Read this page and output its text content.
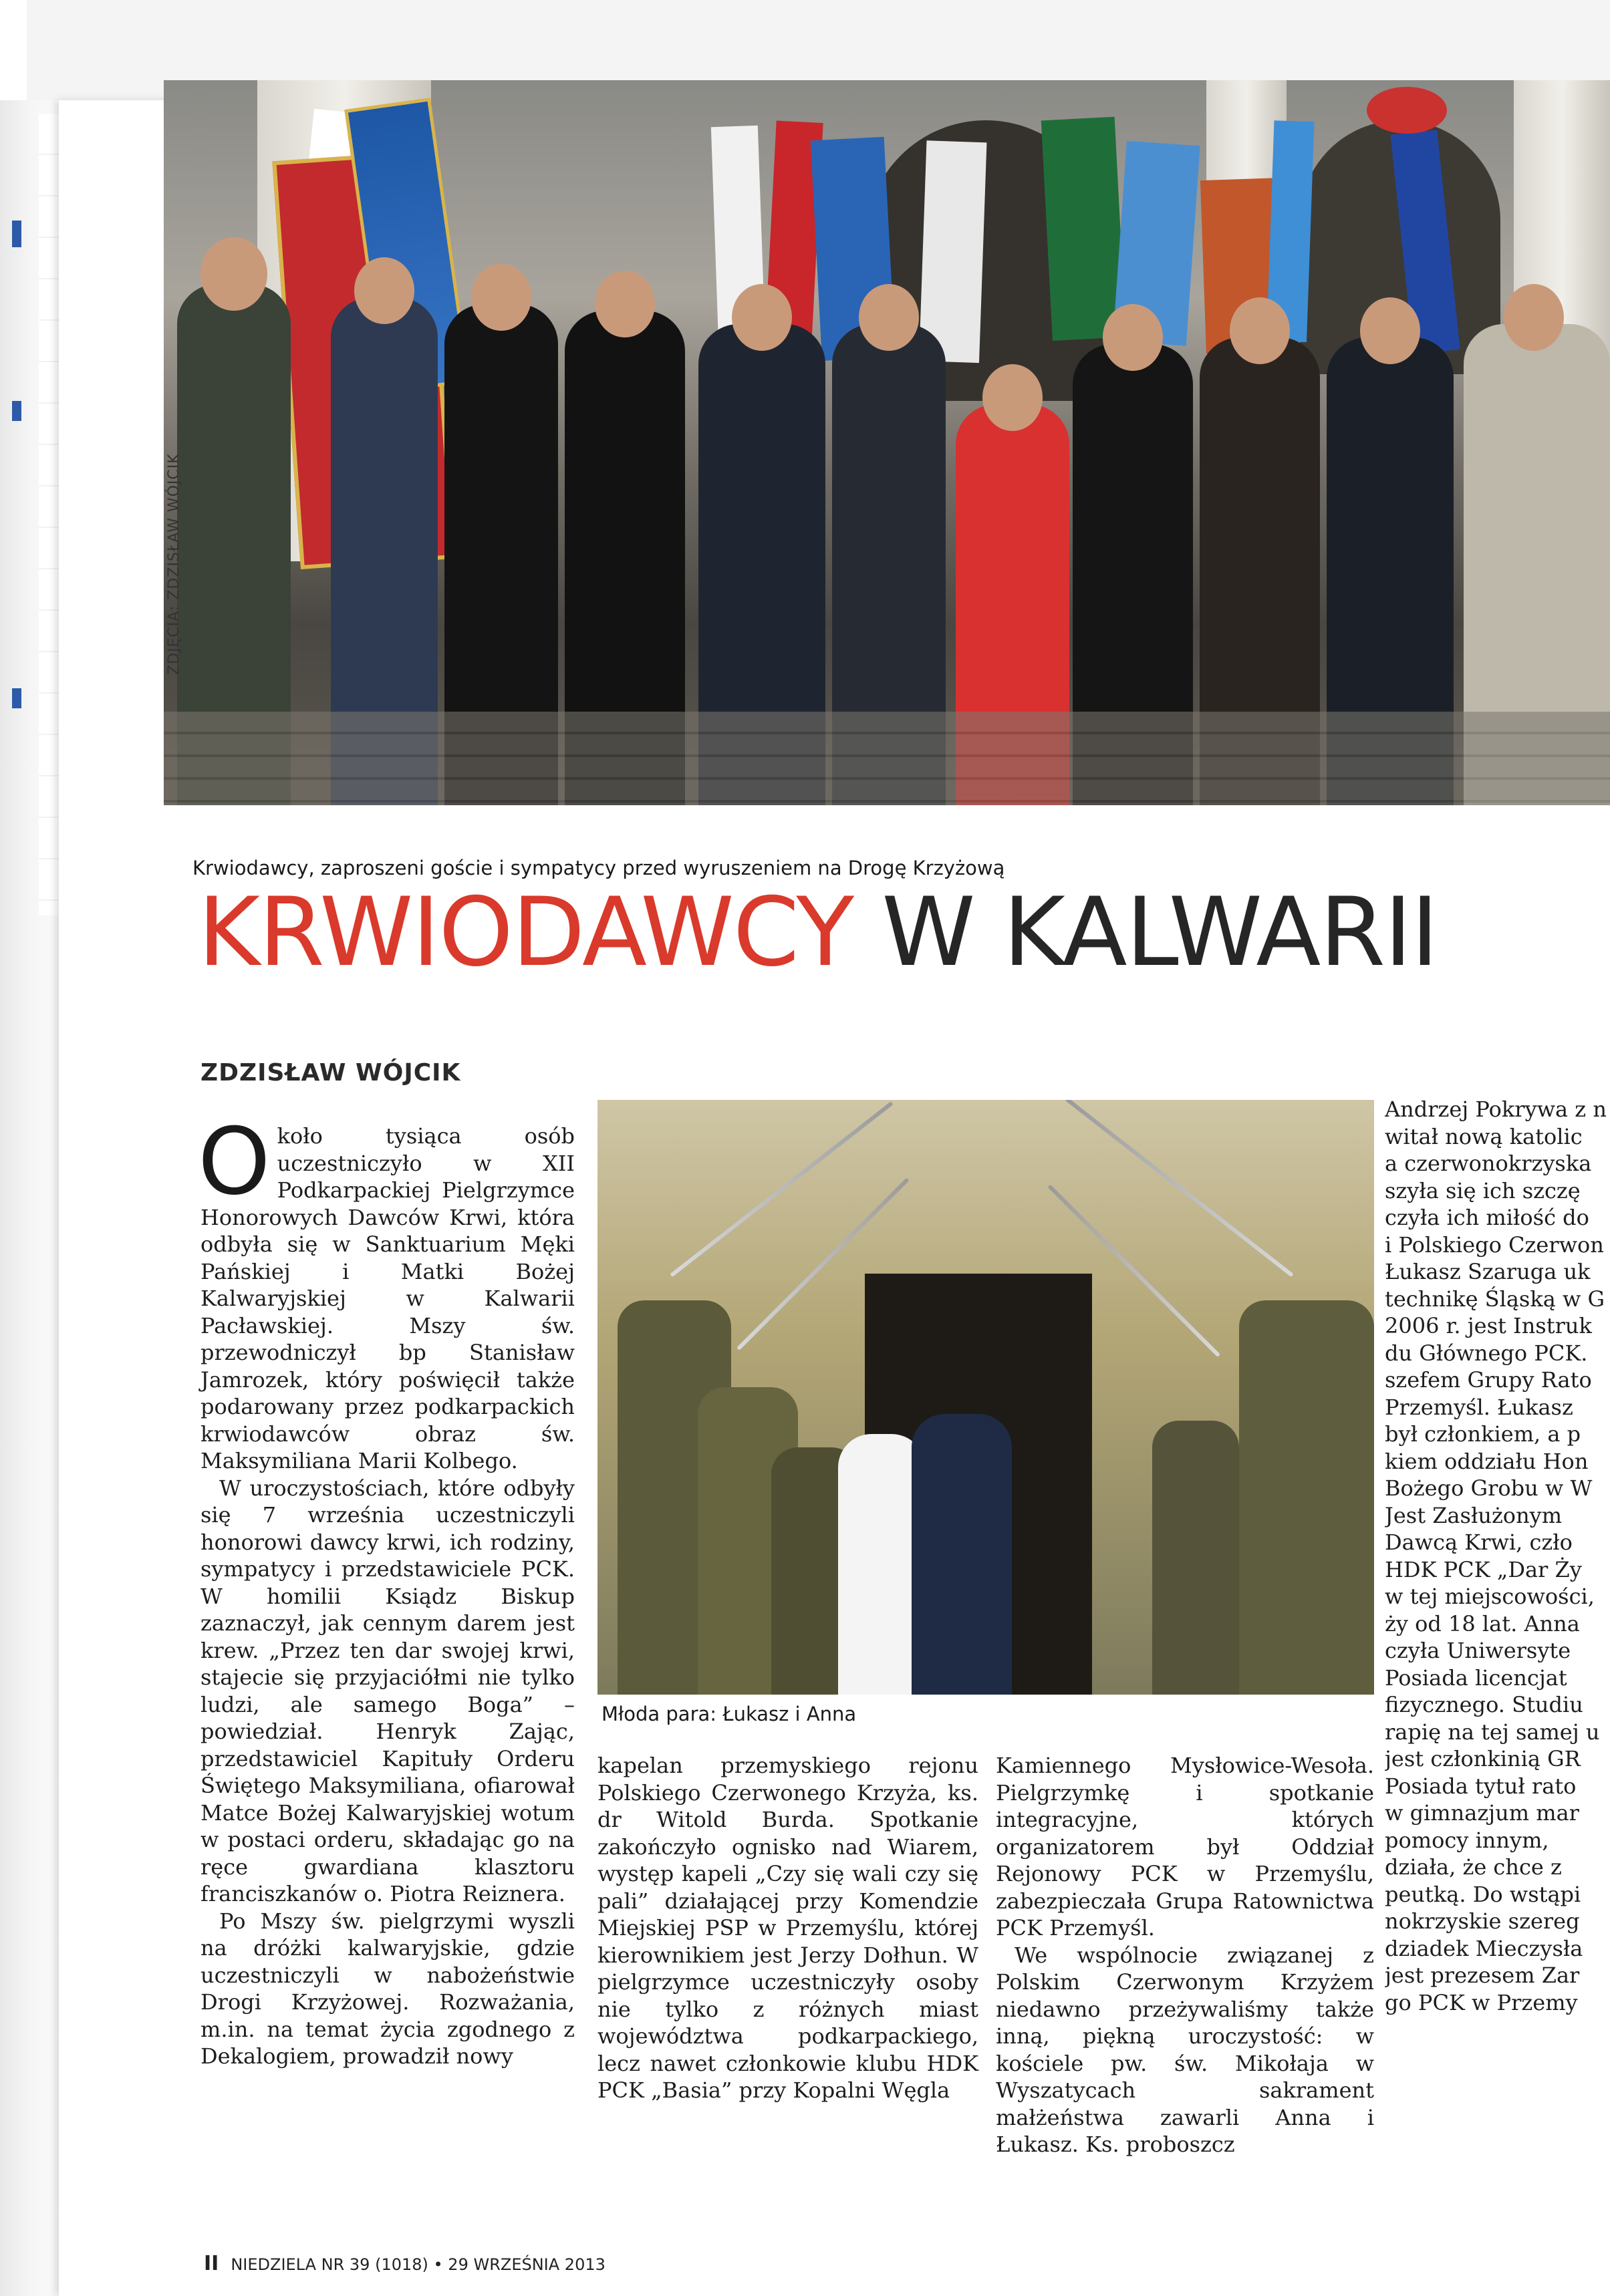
ZDJĘCIA: ZDZISŁAW WÓJCIK
Krwiodawcy, zaproszeni goście i sympatycy przed wyruszeniem na Drogę Krzyżową
KRWIODAWCY W KALWARII
ZDZISŁAW WÓJCIK

Około tysiąca osób uczestniczyło w XII Podkarpackiej Pielgrzymce Honorowych Dawców Krwi, która odbyła się w Sanktuarium Męki Pańskiej i Matki Bożej Kalwaryjskiej w Kalwarii Pacławskiej. Mszy św. przewodniczył bp Stanisław Jamrozek, który poświęcił także podarowany przez podkarpackich krwiodawców obraz św. Maksymiliana Marii Kolbego.

W uroczystościach, które odbyły się 7 września uczestniczyli honorowi dawcy krwi, ich rodziny, sympatycy i przedstawiciele PCK. W homilii Ksiądz Biskup zaznaczył, jak cennym darem jest krew. „Przez ten dar swojej krwi, stajecie się przyjaciółmi nie tylko ludzi, ale samego Boga” – powiedział. Henryk Zając, przedstawiciel Kapituły Orderu Świętego Maksymiliana, ofiarował Matce Bożej Kalwaryjskiej wotum w postaci orderu, składając go na ręce gwardiana klasztoru franciszkanów o. Piotra Reiznera.

Po Mszy św. pielgrzymi wyszli na dróżki kalwaryjskie, gdzie uczestniczyli w nabożeństwie Drogi Krzyżowej. Rozważania, m.in. na temat życia zgodnego z Dekalogiem, prowadził nowy

Młoda para: Łukasz i Anna

kapelan przemyskiego rejonu Polskiego Czerwonego Krzyża, ks. dr Witold Burda. Spotkanie zakończyło ognisko nad Wiarem, występ kapeli „Czy się wali czy się pali” działającej przy Komendzie Miejskiej PSP w Przemyślu, której kierownikiem jest Jerzy Dołhun. W pielgrzymce uczestniczyły osoby nie tylko z różnych miast województwa podkarpackiego, lecz nawet członkowie klubu HDK PCK „Basia” przy Kopalni Węgla

Kamiennego Mysłowice-Wesoła. Pielgrzymkę i spotkanie integracyjne, których organizatorem był Oddział Rejonowy PCK w Przemyślu, zabezpieczała Grupa Ratownictwa PCK Przemyśl.

We wspólnocie związanej z Polskim Czerwonym Krzyżem niedawno przeżywaliśmy także inną, piękną uroczystość: w kościele pw. św. Mikołaja w Wyszatycach sakrament małżeństwa zawarli Anna i Łukasz. Ks. proboszcz

Andrzej Pokrywa z n
witał nową katolic
a czerwonokrzyska
szyła się ich szczę
czyła ich miłość do
i Polskiego Czerwon
Łukasz Szaruga uk
technikę Śląską w G
2006 r. jest Instruk
du Głównego PCK.
szefem Grupy Rato
Przemyśl. Łukasz
był członkiem, a p
kiem oddziału Hon
Bożego Grobu w W
Jest Zasłużonym
Dawcą Krwi, czło
HDK PCK „Dar Ży
w tej miejscowości,
ży od 18 lat. Anna
czyła Uniwersyte
Posiada licencjat
fizycznego. Studiu
rapię na tej samej u
jest członkinią GR
Posiada tytuł rato
w gimnazjum mar
pomocy innym,
działa, że chce z
peutką. Do wstąpi
nokrzyskie szereg
dziadek Mieczysła
jest prezesem Zar
go PCK w Przemy
II NIEDZIELA NR 39 (1018) • 29 WRZEŚNIA 2013
